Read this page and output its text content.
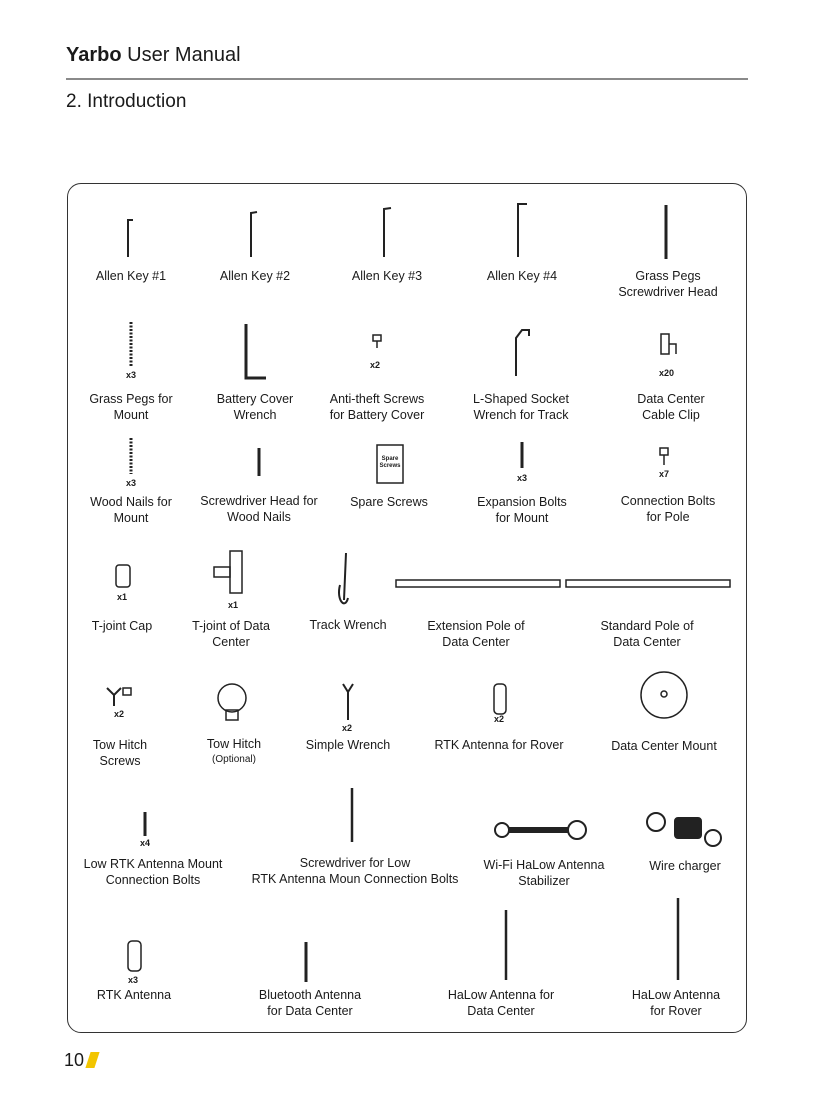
Yarbo User Manual
2. Introduction
Allen Key #1	Allen Key #2	Allen Key #3	Allen Key #4	Grass Pegs
Screwdriver Head
x3
Grass Pegs for
Mount
Battery Cover
Wrench
x2
Anti-theft Screws
for Battery Cover
L-Shaped Socket
Wrench for Track
x20
Data Center
Cable Clip
x3
Wood Nails for
Mount
Screwdriver Head for
Wood Nails
Spare Screws
Spare Screws
x3
Expansion Bolts
for Mount
x7
Connection Bolts
for Pole
x1
T-joint Cap
x1
T-joint of Data
Center
Track Wrench	Extension Pole of
Data Center
Standard Pole of
Data Center
x2
Tow Hitch
Screws
Tow Hitch
(Optional)
x2
Simple Wrench
x2
RTK Antenna for Rover	Data Center Mount
x4
Low RTK Antenna Mount
Connection Bolts
Screwdriver for Low
RTK Antenna Moun Connection Bolts
Wi-Fi HaLow Antenna
Stabilizer
Wire charger
x3
RTK Antenna	Bluetooth Antenna
for Data Center
HaLow Antenna for
Data Center
HaLow Antenna
for Rover
10
